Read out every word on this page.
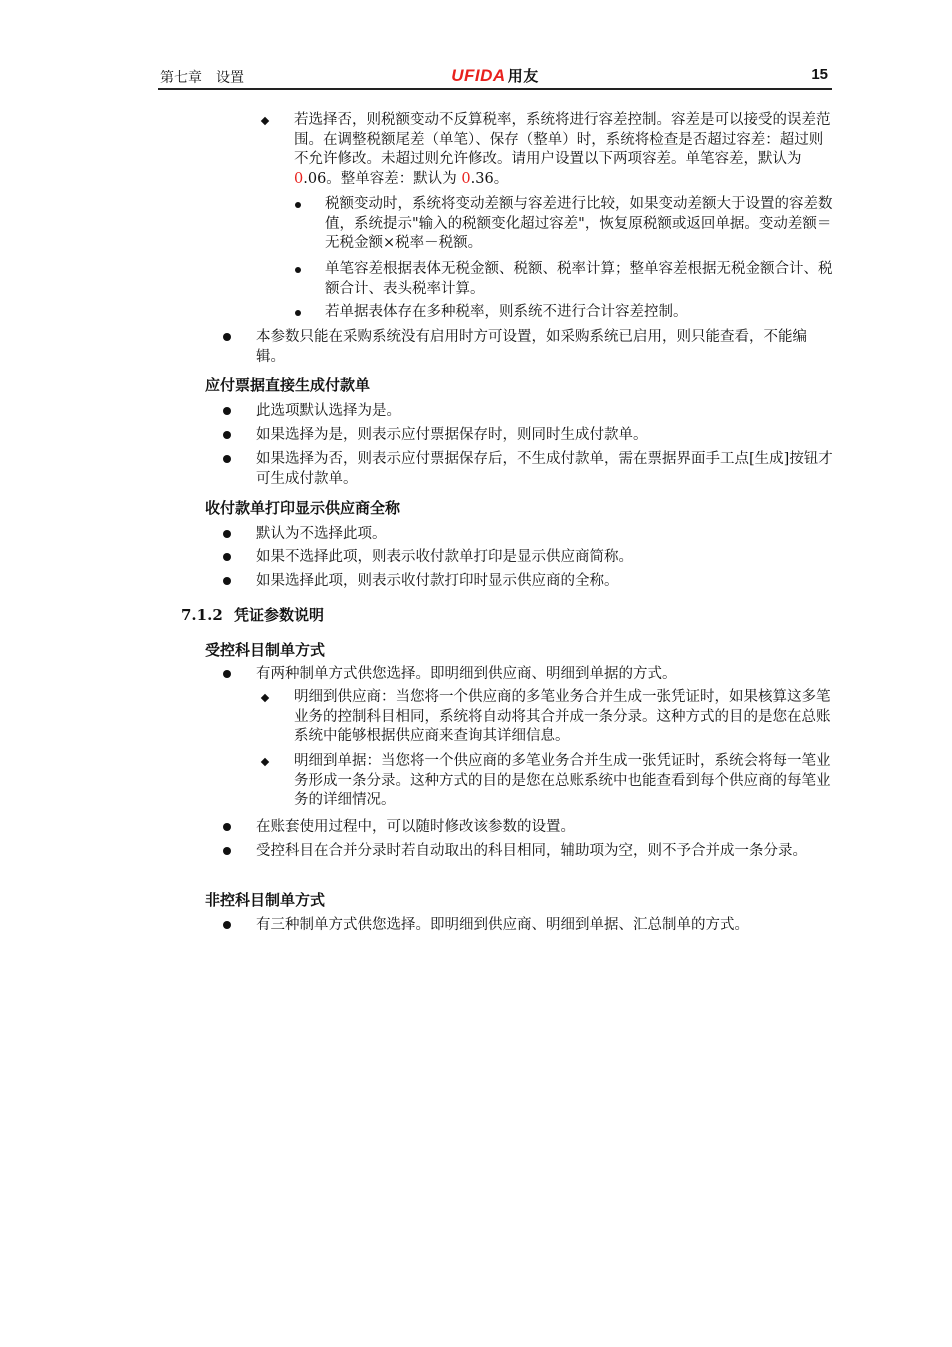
第七章　设置	UFIDA 用友	15
若选择否，则税额变动不反算税率，系统将进行容差控制。容差是可以接受的误差范围。在调整税额尾差（单笔）、保存（整单）时，系统将检查是否超过容差：超过则不允许修改。未超过则允许修改。请用户设置以下两项容差。单笔容差，默认为 0.06。整单容差：默认为 0.36。
税额变动时，系统将变动差额与容差进行比较，如果变动差额大于设置的容差数值，系统提示"输入的税额变化超过容差"，恢复原税额或返回单据。变动差额＝无税金额×税率－税额。
单笔容差根据表体无税金额、税额、税率计算；整单容差根据无税金额合计、税额合计、表头税率计算。
若单据表体存在多种税率，则系统不进行合计容差控制。
本参数只能在采购系统没有启用时方可设置，如采购系统已启用，则只能查看，不能编辑。
应付票据直接生成付款单
此选项默认选择为是。
如果选择为是，则表示应付票据保存时，则同时生成付款单。
如果选择为否，则表示应付票据保存后，不生成付款单，需在票据界面手工点[生成]按钮才可生成付款单。
收付款单打印显示供应商全称
默认为不选择此项。
如果不选择此项，则表示收付款单打印是显示供应商简称。
如果选择此项，则表示收付款打印时显示供应商的全称。
7.1.2 凭证参数说明
受控科目制单方式
有两种制单方式供您选择。即明细到供应商、明细到单据的方式。
明细到供应商：当您将一个供应商的多笔业务合并生成一张凭证时，如果核算这多笔业务的控制科目相同，系统将自动将其合并成一条分录。这种方式的目的是您在总账系统中能够根据供应商来查询其详细信息。
明细到单据：当您将一个供应商的多笔业务合并生成一张凭证时，系统会将每一笔业务形成一条分录。这种方式的目的是您在总账系统中也能查看到每个供应商的每笔业务的详细情况。
在账套使用过程中，可以随时修改该参数的设置。
受控科目在合并分录时若自动取出的科目相同，辅助项为空，则不予合并成一条分录。
非控科目制单方式
有三种制单方式供您选择。即明细到供应商、明细到单据、汇总制单的方式。
